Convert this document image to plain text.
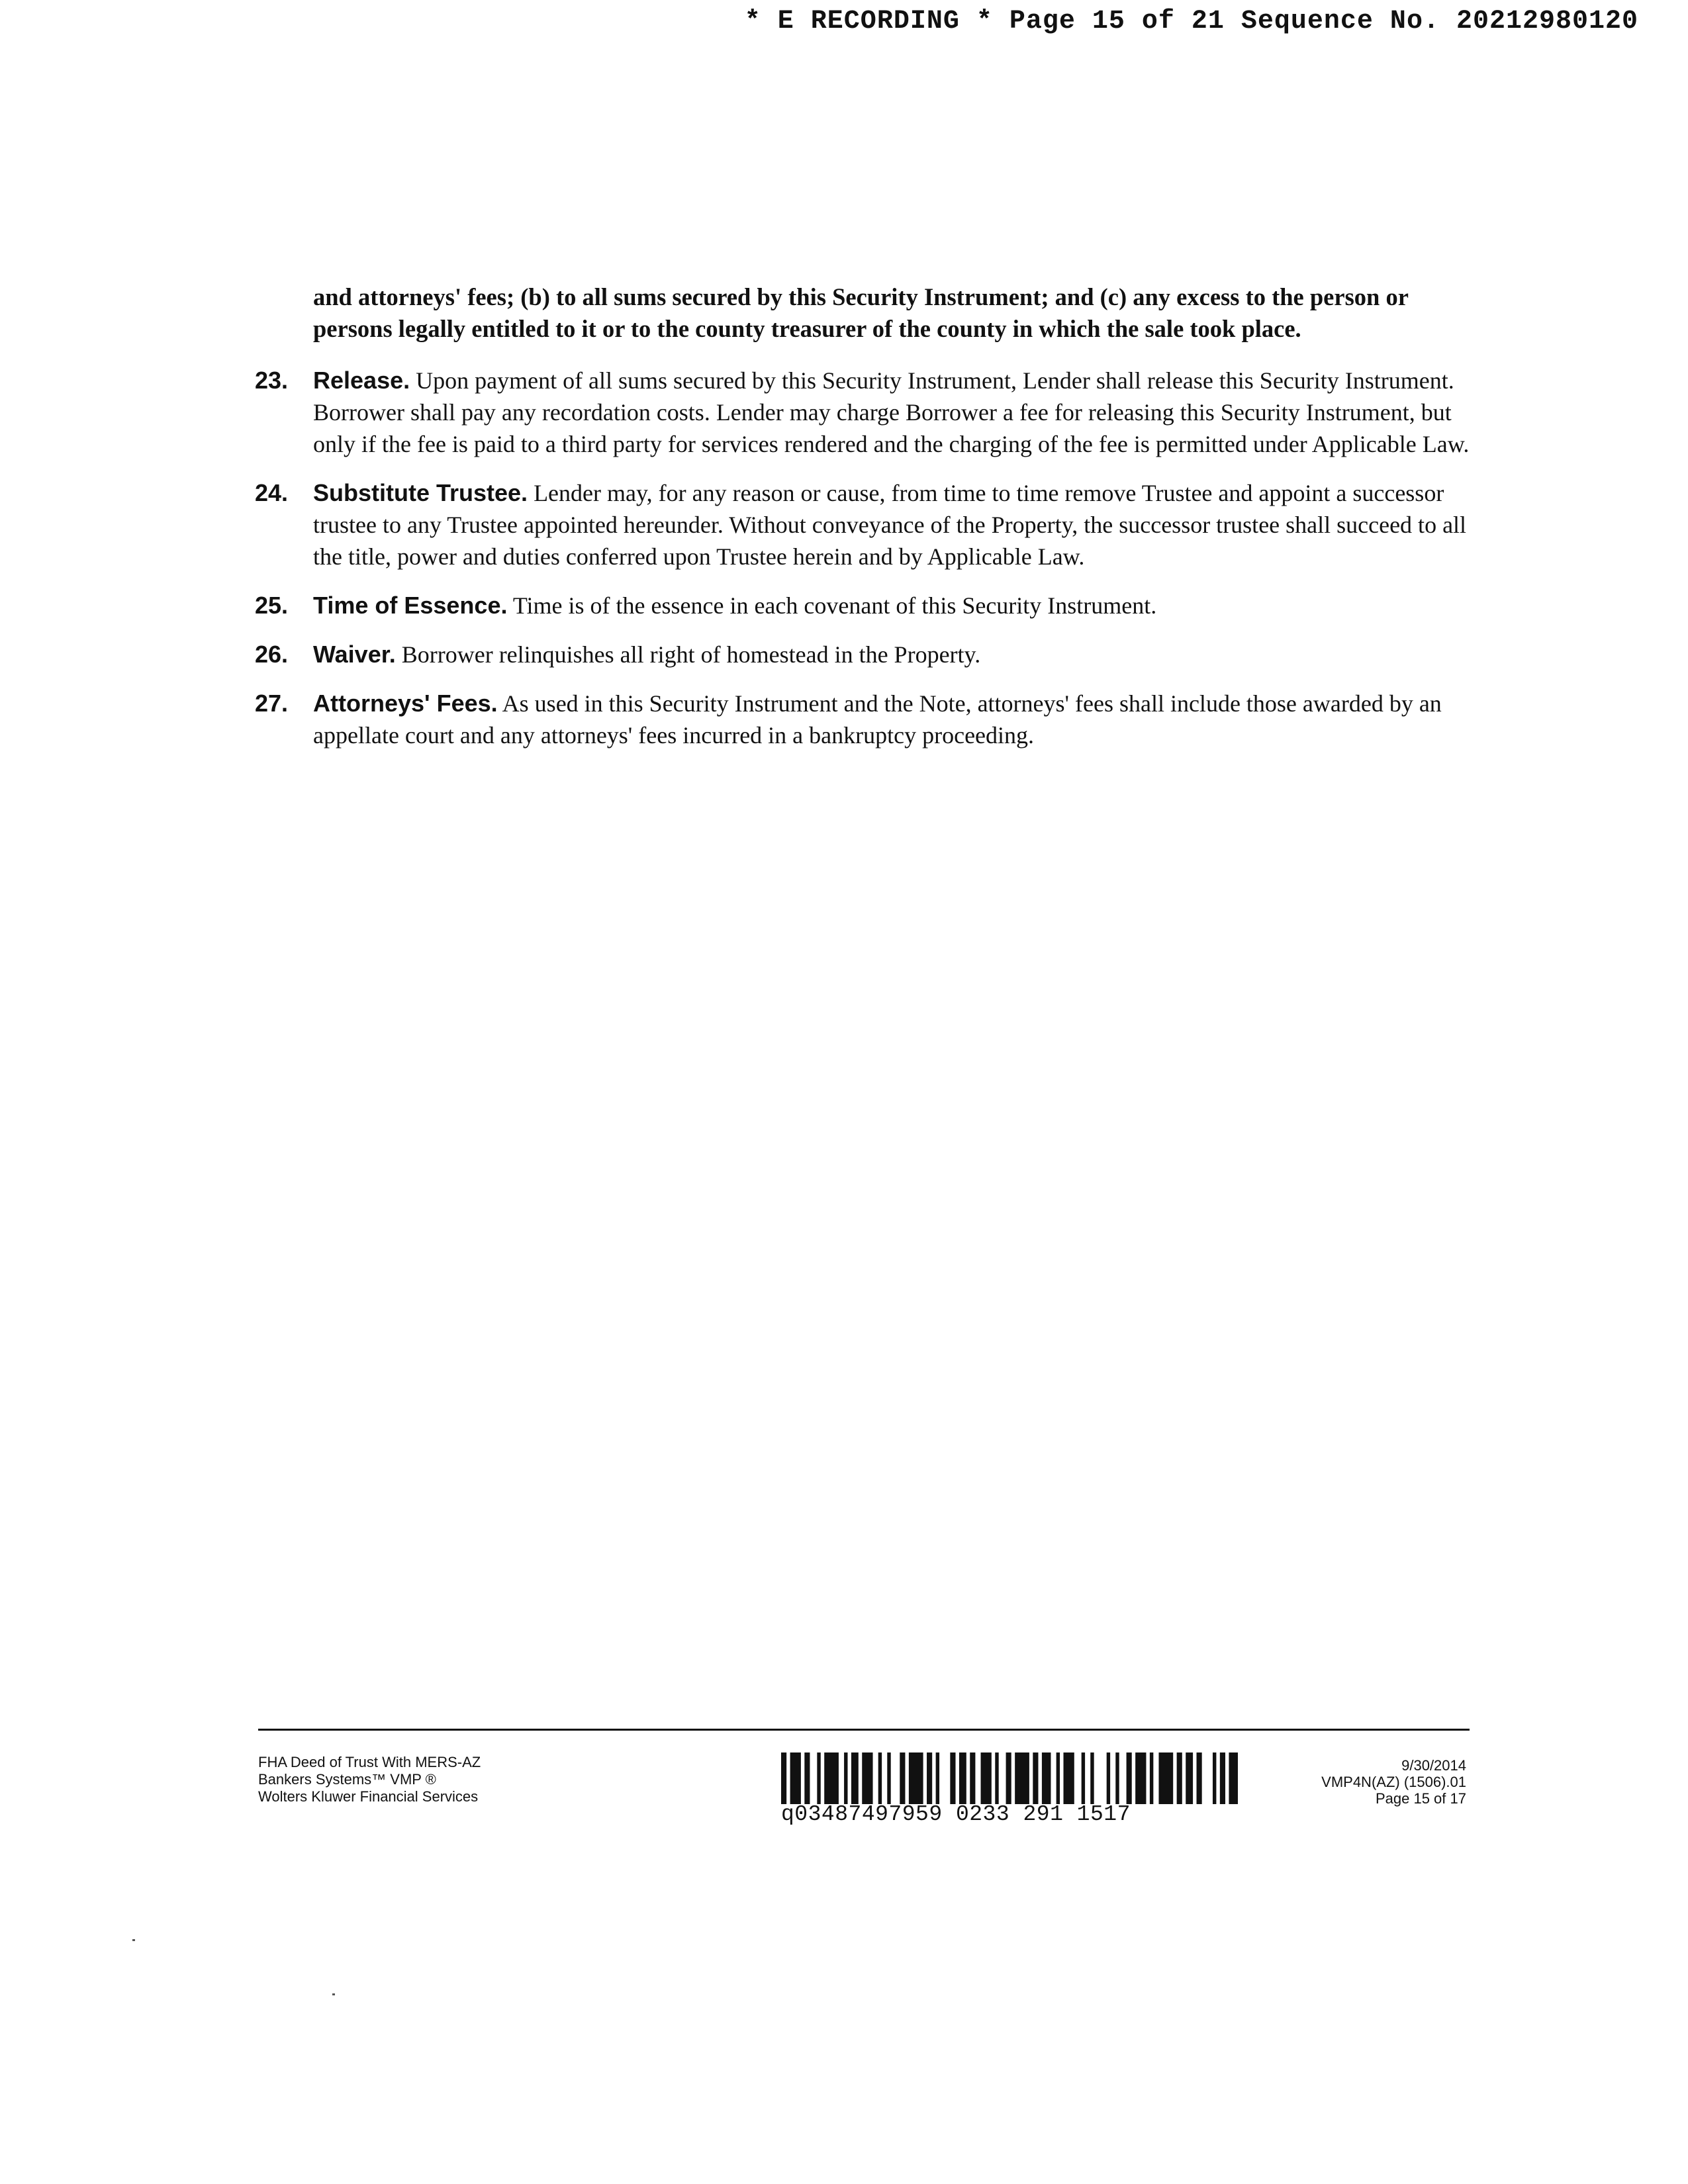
* E RECORDING * Page 15 of 21 Sequence No. 20212980120
and attorneys' fees; (b) to all sums secured by this Security Instrument; and (c) any excess to the person or persons legally entitled to it or to the county treasurer of the county in which the sale took place.
23.	Release. Upon payment of all sums secured by this Security Instrument, Lender shall release this Security Instrument. Borrower shall pay any recordation costs. Lender may charge Borrower a fee for releasing this Security Instrument, but only if the fee is paid to a third party for services rendered and the charging of the fee is permitted under Applicable Law.
24.	Substitute Trustee. Lender may, for any reason or cause, from time to time remove Trustee and appoint a successor trustee to any Trustee appointed hereunder. Without conveyance of the Property, the successor trustee shall succeed to all the title, power and duties conferred upon Trustee herein and by Applicable Law.
25.	Time of Essence. Time is of the essence in each covenant of this Security Instrument.
26.	Waiver. Borrower relinquishes all right of homestead in the Property.
27.	Attorneys' Fees. As used in this Security Instrument and the Note, attorneys' fees shall include those awarded by an appellate court and any attorneys' fees incurred in a bankruptcy proceeding.
FHA Deed of Trust With MERS-AZ
Bankers Systems™ VMP ®
Wolters Kluwer Financial Services
q03487497959 0233 291 1517
9/30/2014
VMP4N(AZ) (1506).01
Page 15 of 17
